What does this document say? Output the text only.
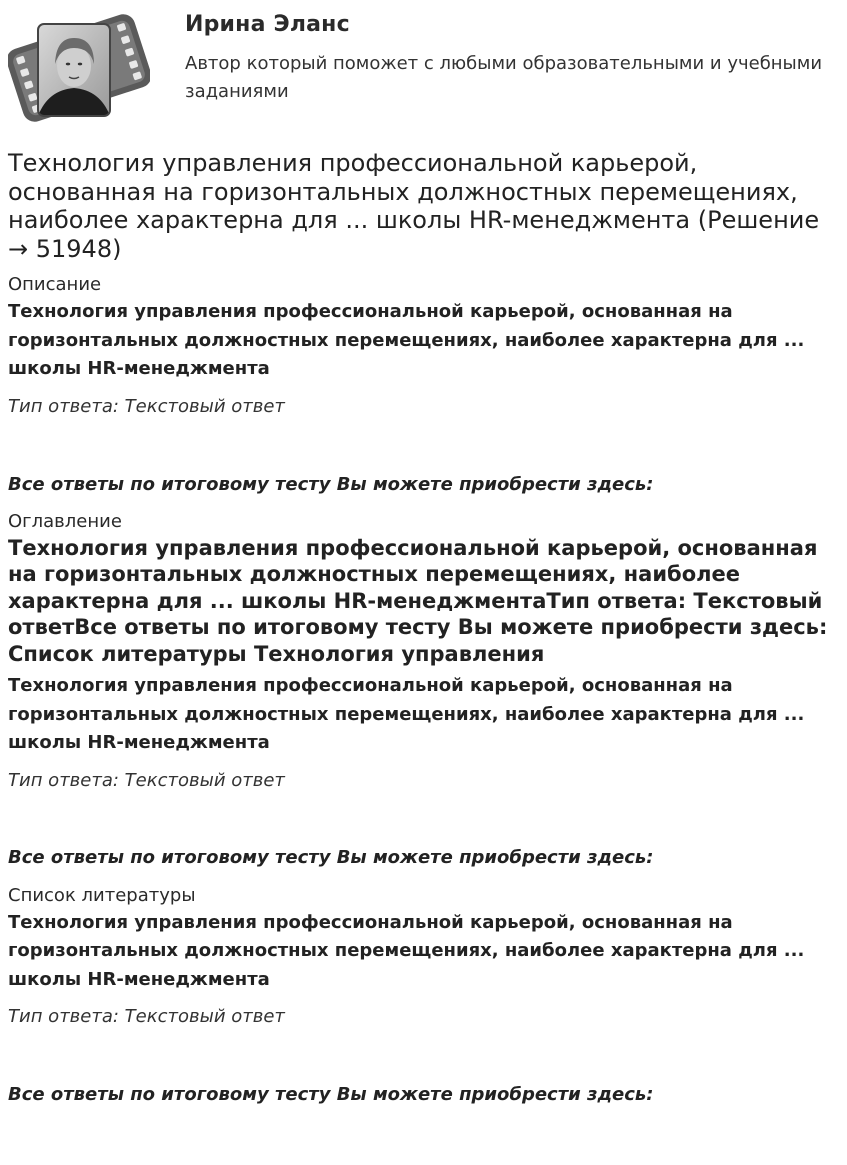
Ирина Эланс
Автор который поможет с любыми образовательными и учебными заданиями
Технология управления профессиональной карьерой, основанная на горизонтальных должностных перемещениях, наиболее характерна для ... школы HR-менеджмента (Решение → 51948)
Описание
Технология управления профессиональной карьерой, основанная на горизонтальных должностных перемещениях, наиболее характерна для ... школы HR-менеджмента
Тип ответа: Текстовый ответ
Все ответы по итоговому тесту Вы можете приобрести здесь:
Оглавление
Технология управления профессиональной карьерой, основанная на горизонтальных должностных перемещениях, наиболее характерна для ... школы HR-менеджментаТип ответа: Текстовый ответВсе ответы по итоговому тесту Вы можете приобрести здесь: Список литературы Технология управления
Технология управления профессиональной карьерой, основанная на горизонтальных должностных перемещениях, наиболее характерна для ... школы HR-менеджмента
Тип ответа: Текстовый ответ
Все ответы по итоговому тесту Вы можете приобрести здесь:
Список литературы
Технология управления профессиональной карьерой, основанная на горизонтальных должностных перемещениях, наиболее характерна для ... школы HR-менеджмента
Тип ответа: Текстовый ответ
Все ответы по итоговому тесту Вы можете приобрести здесь:
